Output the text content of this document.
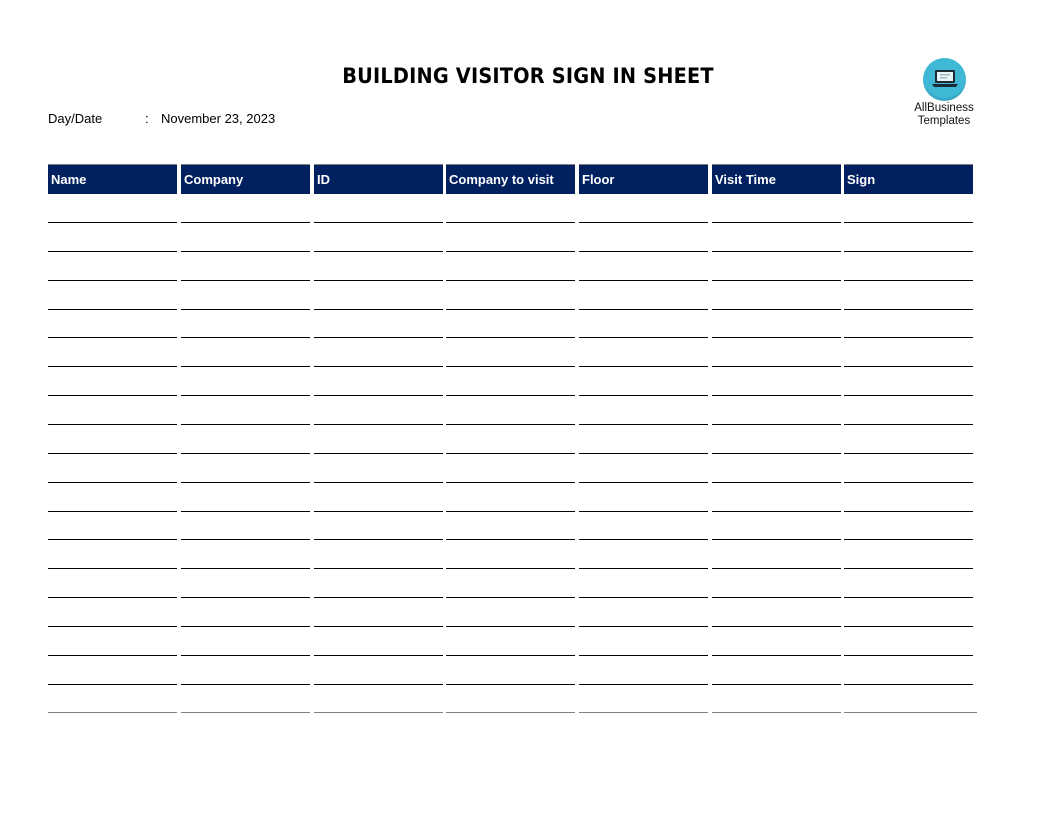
BUILDING VISITOR SIGN IN SHEET
Day/Date	: November 23, 2023
AllBusiness
Templates
Name	Company	ID	Company to visit	Floor	Visit Time	Sign
